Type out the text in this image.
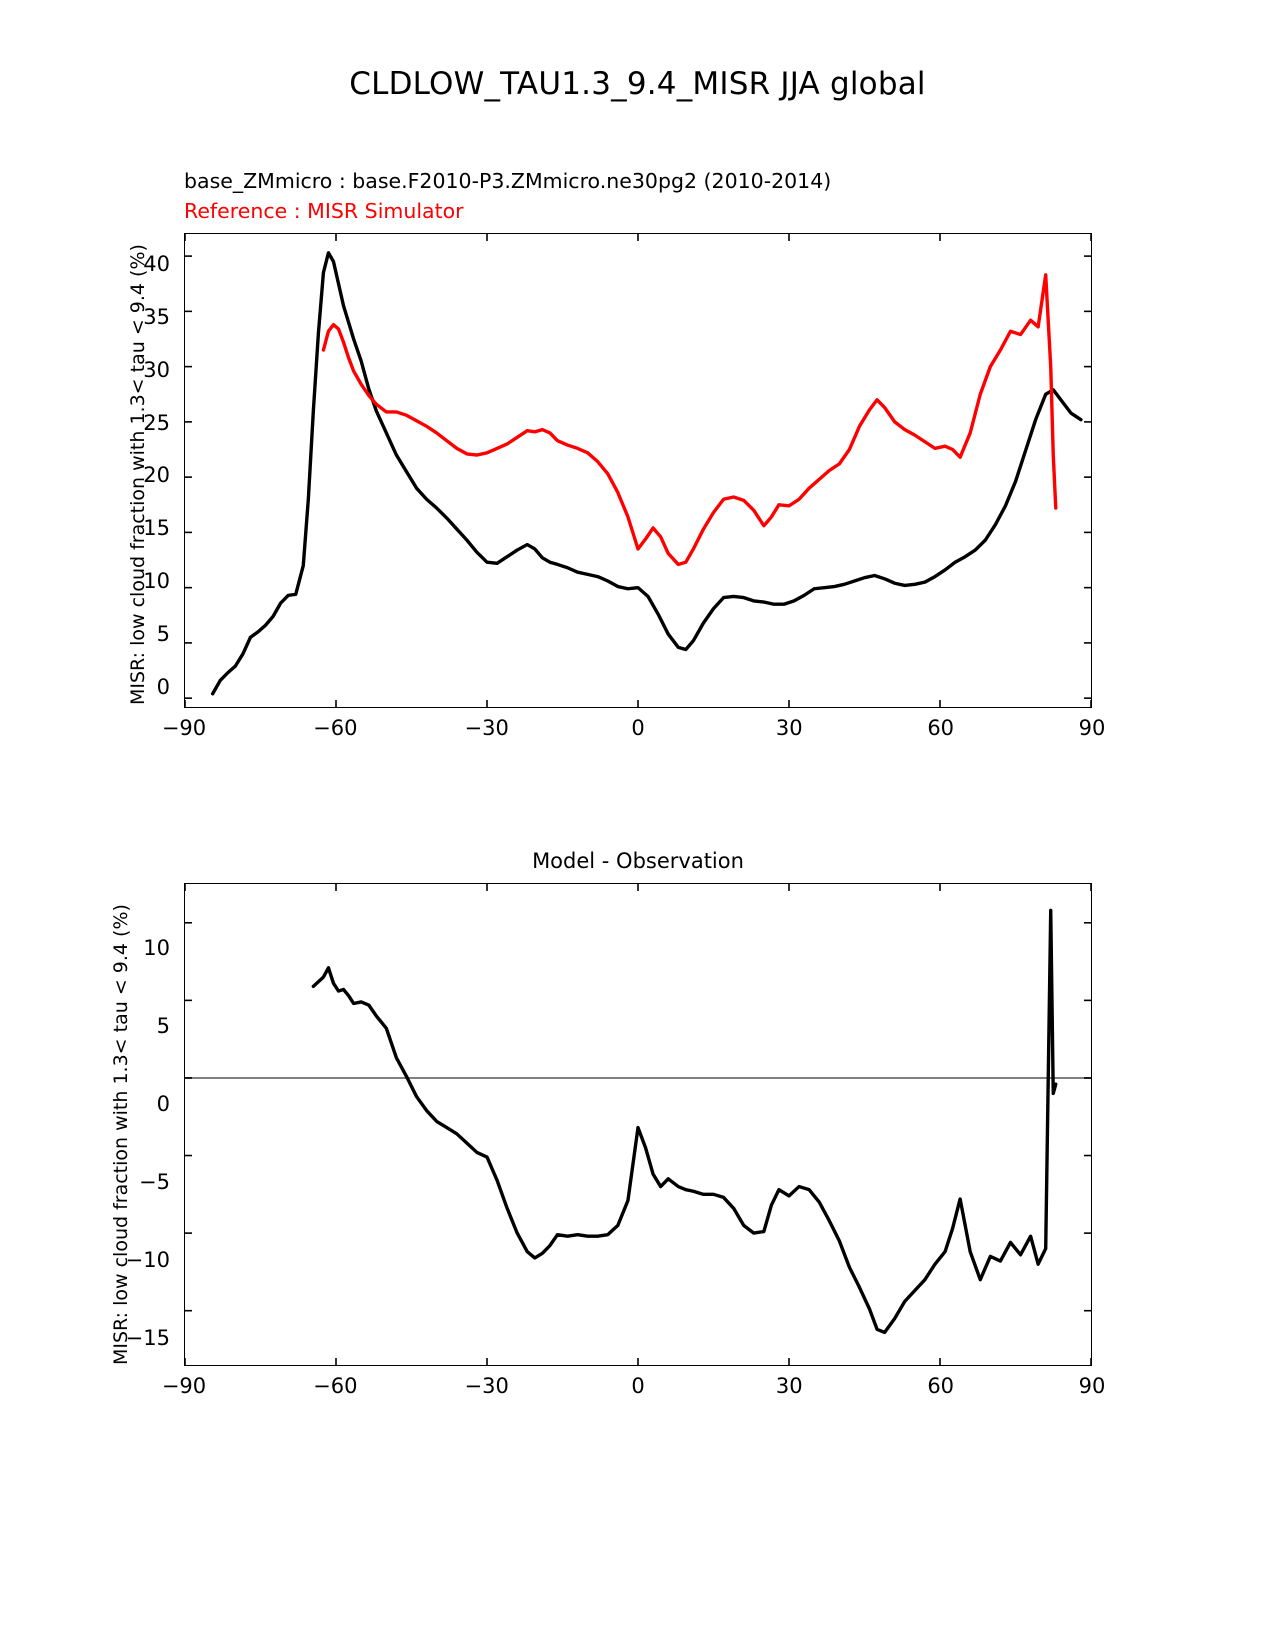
CLDLOW_TAU1.3_9.4_MISR JJA global
base_ZMmicro : base.F2010-P3.ZMmicro.ne30pg2 (2010-2014)
Reference : MISR Simulator
−90	−60	−30	0	30	60	90
0
5
10
15
20
25
30
35
40
MISR: low cloud fraction with 1.3< tau < 9.4 (%)
Model - Observation
−90	−60	−30	0	30	60	90
−15
−10
−5
0
5
10
MISR: low cloud fraction with 1.3< tau < 9.4 (%)
